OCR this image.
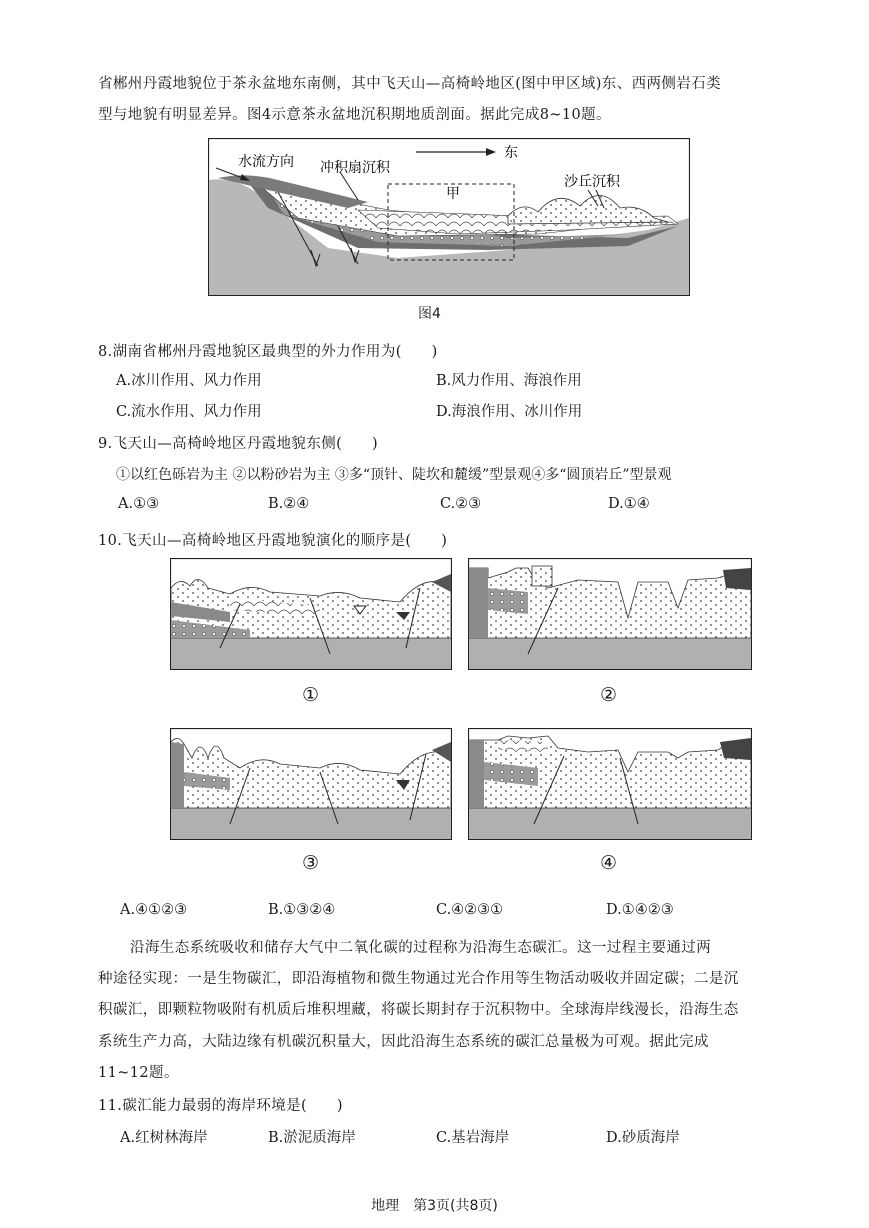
省郴州丹霞地貌位于茶永盆地东南侧，其中飞天山—高椅岭地区(图中甲区域)东、西两侧岩石类
型与地貌有明显差异。图4示意茶永盆地沉积期地质剖面。据此完成8~10题。
水流方向 冲积扇沉积
东
甲
沙丘沉积
图4
8.湖南省郴州丹霞地貌区最典型的外力作用为(　　)
A.冰川作用、风力作用	B.风力作用、海浪作用
C.流水作用、风力作用	D.海浪作用、冰川作用
9.飞天山—高椅岭地区丹霞地貌东侧(　　)
①以红色砾岩为主 ②以粉砂岩为主 ③多“顶针、陡坎和麓缓”型景观④多“圆顶岩丘”型景观
A.①③	B.②④	C.②③	D.①④
10.飞天山—高椅岭地区丹霞地貌演化的顺序是(　　)
①	②
③	④
A.④①②③	B.①③②④	C.④②③①	D.①④②③
沿海生态系统吸收和储存大气中二氧化碳的过程称为沿海生态碳汇。这一过程主要通过两
种途径实现：一是生物碳汇，即沿海植物和微生物通过光合作用等生物活动吸收并固定碳；二是沉
积碳汇，即颗粒物吸附有机质后堆积埋藏，将碳长期封存于沉积物中。全球海岸线漫长，沿海生态
系统生产力高，大陆边缘有机碳沉积量大，因此沿海生态系统的碳汇总量极为可观。据此完成
11~12题。
11.碳汇能力最弱的海岸环境是(　　)
A.红树林海岸	B.淤泥质海岸	C.基岩海岸	D.砂质海岸
地理　第3页(共8页)
